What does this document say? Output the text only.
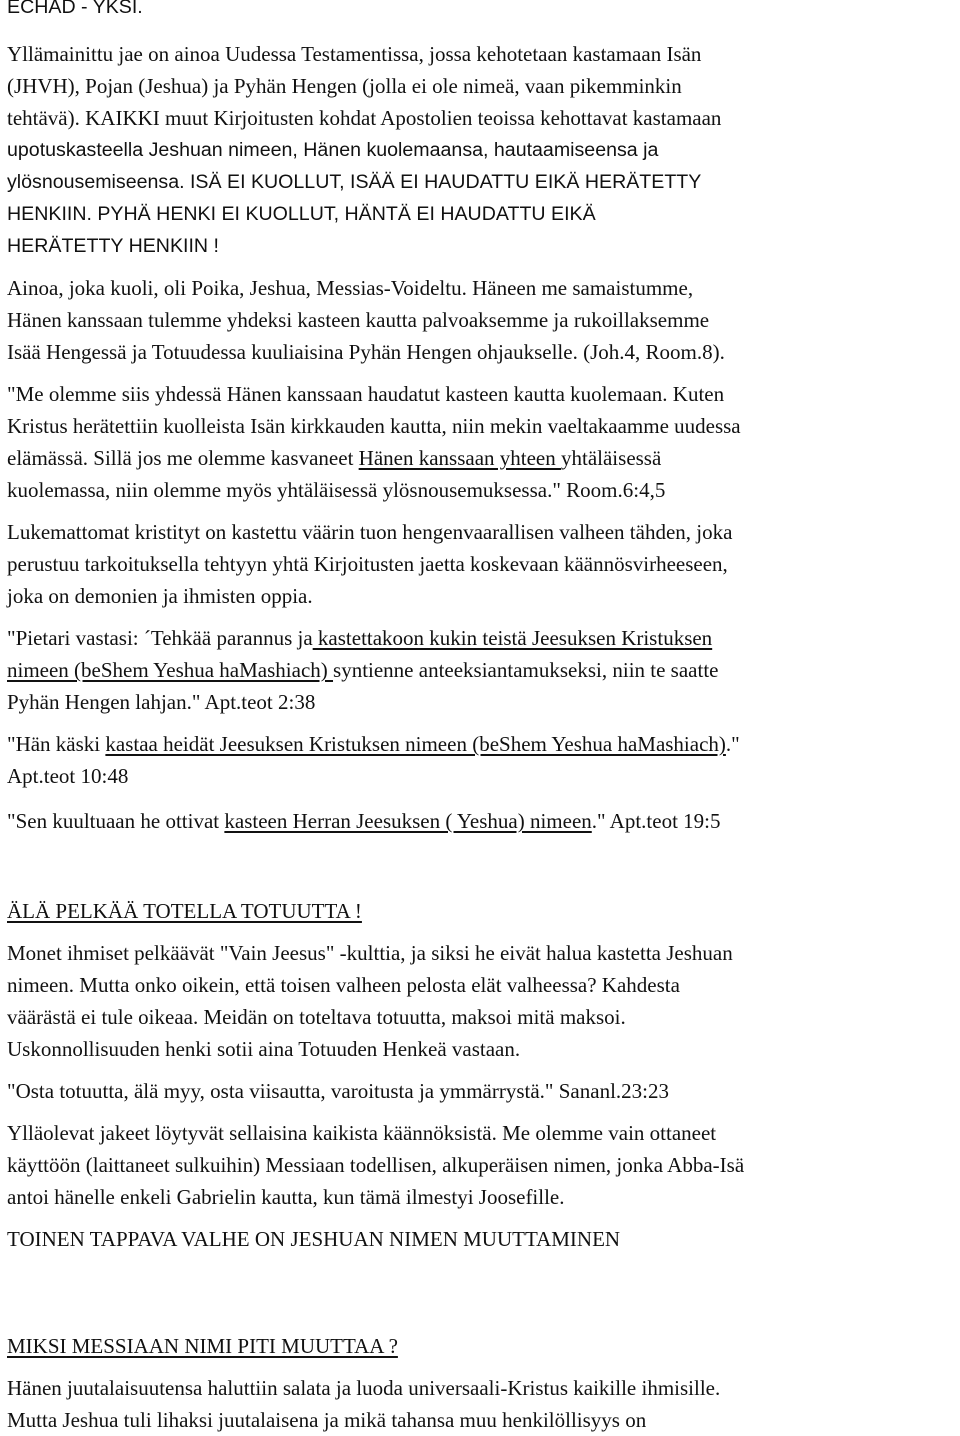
ECHAD - YKSI.
Yllämainittu jae on ainoa Uudessa Testamentissa, jossa kehotetaan kastamaan Isän
(JHVH), Pojan (Jeshua) ja Pyhän Hengen (jolla ei ole nimeä, vaan pikemminkin
tehtävä). KAIKKI muut Kirjoitusten kohdat Apostolien teoissa kehottavat kastamaan
upotuskasteella Jeshuan nimeen, Hänen kuolemaansa, hautaamiseensa ja
ylösnousemiseensa. ISÄ EI KUOLLUT, ISÄÄ EI HAUDATTU EIKÄ HERÄTETTY
HENKIIN. PYHÄ HENKI EI KUOLLUT, HÄNTÄ EI HAUDATTU EIKÄ
HERÄTETTY HENKIIN !
Ainoa, joka kuoli, oli Poika, Jeshua, Messias-Voideltu. Häneen me samaistumme,
Hänen kanssaan tulemme yhdeksi kasteen kautta palvoaksemme ja rukoillaksemme
Isää Hengessä ja Totuudessa kuuliaisina Pyhän Hengen ohjaukselle. (Joh.4, Room.8).
"Me olemme siis yhdessä Hänen kanssaan haudatut kasteen kautta kuolemaan. Kuten
Kristus herätettiin kuolleista Isän kirkkauden kautta, niin mekin vaeltakaamme uudessa
elämässä. Sillä jos me olemme kasvaneet Hänen kanssaan yhteen yhtäläisessä
kuolemassa, niin olemme myös yhtäläisessä ylösnousemuksessa." Room.6:4,5
Lukemattomat kristityt on kastettu väärin tuon hengenvaarallisen valheen tähden, joka
perustuu tarkoituksella tehtyyn yhtä Kirjoitusten jaetta koskevaan käännösvirheeseen,
joka on demonien ja ihmisten oppia.
"Pietari vastasi: ´Tehkää parannus ja kastettakoon kukin teistä Jeesuksen Kristuksen
nimeen (beShem Yeshua haMashiach) syntienne anteeksiantamukseksi, niin te saatte
Pyhän Hengen lahjan." Apt.teot 2:38
"Hän käski kastaa heidät Jeesuksen Kristuksen nimeen (beShem Yeshua haMashiach)."
Apt.teot 10:48
"Sen kuultuaan he ottivat kasteen Herran Jeesuksen ( Yeshua) nimeen." Apt.teot 19:5
ÄLÄ PELKÄÄ TOTELLA TOTUUTTA !
Monet ihmiset pelkäävät "Vain Jeesus" -kulttia, ja siksi he eivät halua kastetta Jeshuan
nimeen. Mutta onko oikein, että toisen valheen pelosta elät valheessa? Kahdesta
väärästä ei tule oikeaa. Meidän on toteltava totuutta, maksoi mitä maksoi.
Uskonnollisuuden henki sotii aina Totuuden Henkeä vastaan.
"Osta totuutta, älä myy, osta viisautta, varoitusta ja ymmärrystä." Sananl.23:23
Ylläolevat jakeet löytyvät sellaisina kaikista käännöksistä. Me olemme vain ottaneet
käyttöön (laittaneet sulkuihin) Messiaan todellisen, alkuperäisen nimen, jonka Abba-Isä
antoi hänelle enkeli Gabrielin kautta, kun tämä ilmestyi Joosefille.
TOINEN TAPPAVA VALHE ON JESHUAN NIMEN MUUTTAMINEN
MIKSI MESSIAAN NIMI PITI MUUTTAA ?
Hänen juutalaisuutensa haluttiin salata ja luoda universaali-Kristus kaikille ihmisille.
Mutta Jeshua tuli lihaksi juutalaisena ja mikä tahansa muu henkilöllisyys on
